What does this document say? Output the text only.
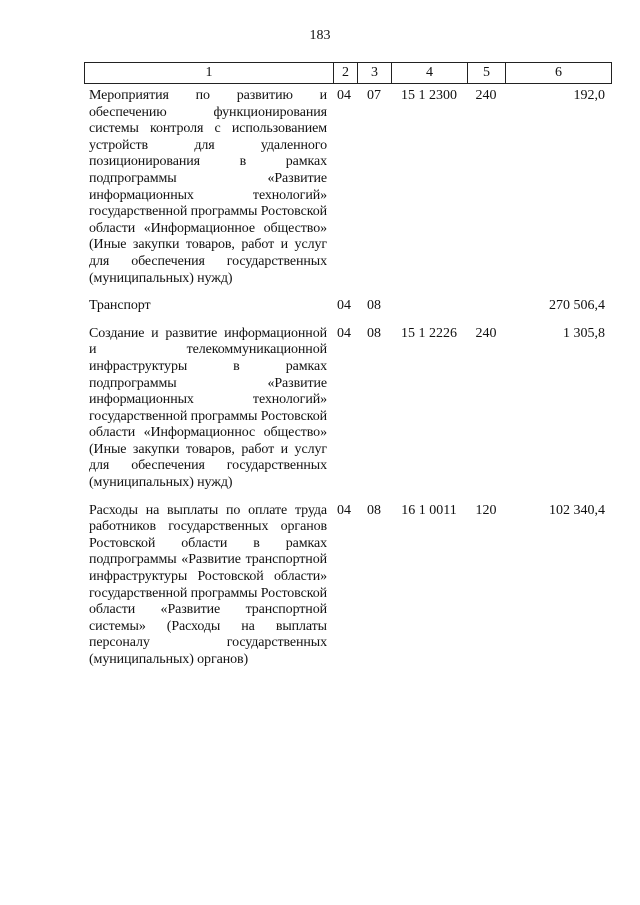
183
1	2	3	4	5	6
Мероприятия по развитию и обеспечению функционирования системы контроля с использованием устройств для удаленного позиционирования в рамках подпрограммы «Развитие информационных технологий» государственной программы Ростовской области «Информационное общество» (Иные закупки товаров, работ и услуг для обеспечения государственных (муниципальных) нужд)	04	07	15 1 2300	240	192,0
Транспорт	04	08			270 506,4
Создание и развитие информационной и телекоммуникационной инфраструктуры в рамках подпрограммы «Развитие информационных технологий» государственной программы Ростовской области «Информационнос общество» (Иные закупки товаров, работ и услуг для обеспечения государственных (муниципальных) нужд)	04	08	15 1 2226	240	1 305,8
Расходы на выплаты по оплате труда работников государственных органов Ростовской области в рамках подпрограммы «Развитие транспортной инфраструктуры Ростовской области» государственной программы Ростовской области «Развитие транспортной системы» (Расходы на выплаты персоналу государственных (муниципальных) органов)	04	08	16 1 0011	120	102 340,4
